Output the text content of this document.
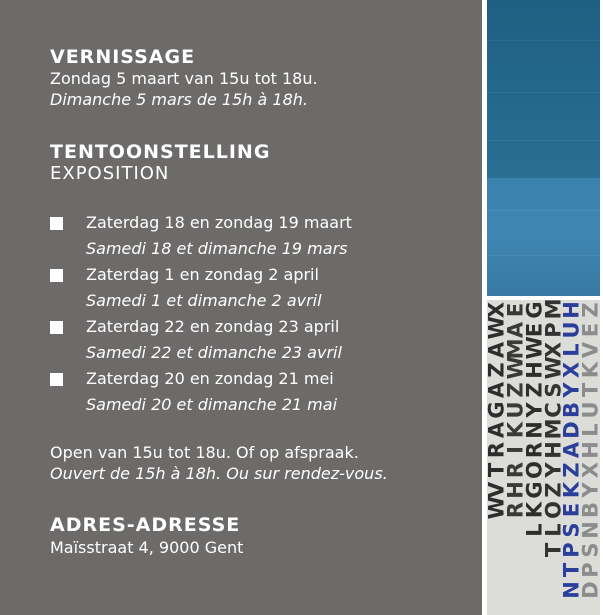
VERNISSAGE
Zondag 5 maart van 15u tot 18u.
Dimanche 5 mars de 15h à 18h.
TENTOONSTELLING
EXPOSITION
Zaterdag 18 en zondag 19 maart
Samedi 18 et dimanche 19 mars
Zaterdag 1 en zondag 2 april
Samedi 1 et dimanche 2 avril
Zaterdag 22 en zondag 23 april
Samedi 22 et dimanche 23 avril
Zaterdag 20 en zondag 21 mei
Samedi 20 et dimanche 21 mai
Open van 15u tot 18u. Of op afspraak.
Ouvert de 15h à 18h. Ou sur rendez-vous.
ADRES-ADRESSE
Maïsstraat 4, 9000 Gent
X
W
A
Z
A
G
A
R
T
V
W
E
A
M
W
Z
U
K
I
R
H
R
G
E
W
H
Z
Y
N
R
O
G
K
L
M
P
X
W
S
C
M
H
Y
Z
O
L
T
H
U
L
X
Y
B
D
A
Z
K
E
S
P
T
N
Z
E
V
K
T
U
L
H
X
Y
B
N
S
P
D
